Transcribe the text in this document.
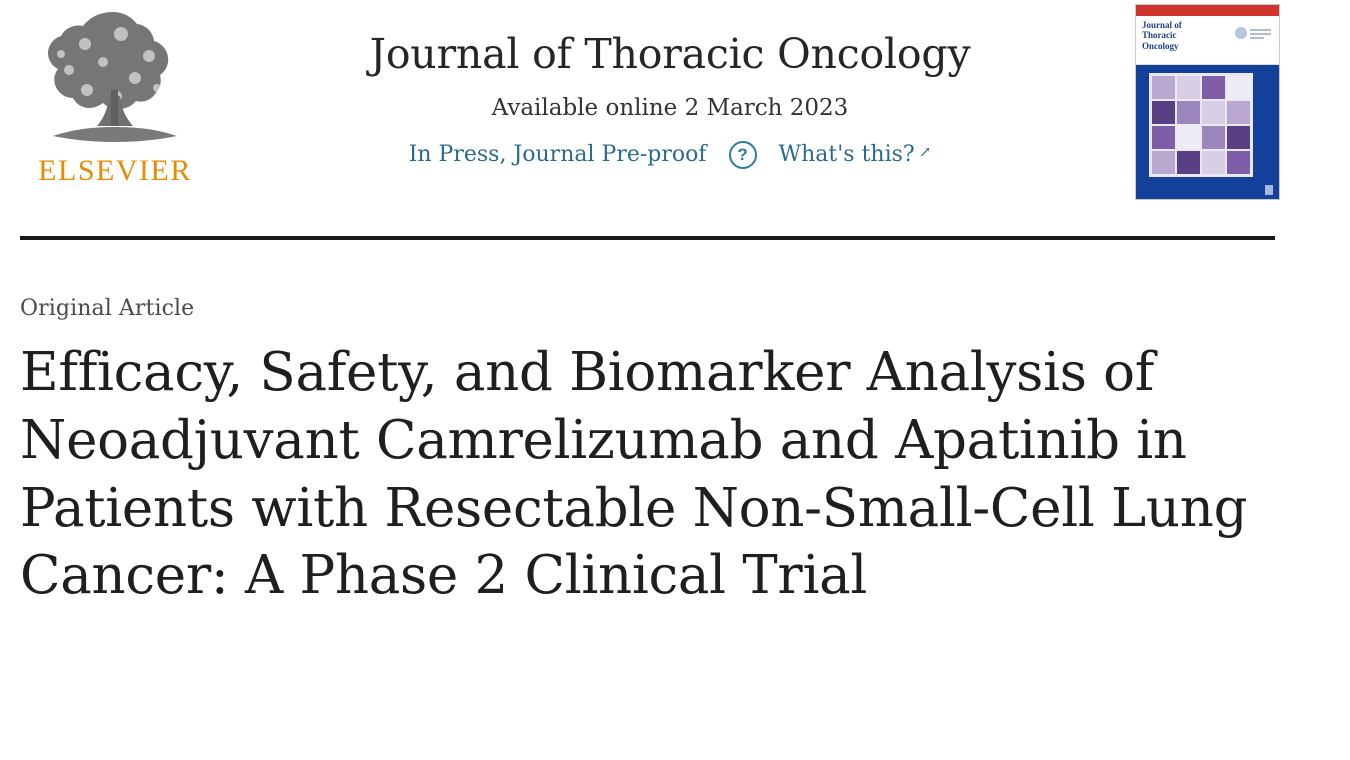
ELSEVIER
Journal of Thoracic Oncology
Available online 2 March 2023
In Press, Journal Pre-proof	?	What's this? ↗
Journal of
Thoracic
Oncology
Original Article
Efficacy, Safety, and Biomarker Analysis of Neoadjuvant Camrelizumab and Apatinib in Patients with Resectable Non-Small-Cell Lung Cancer: A Phase 2 Clinical Trial
